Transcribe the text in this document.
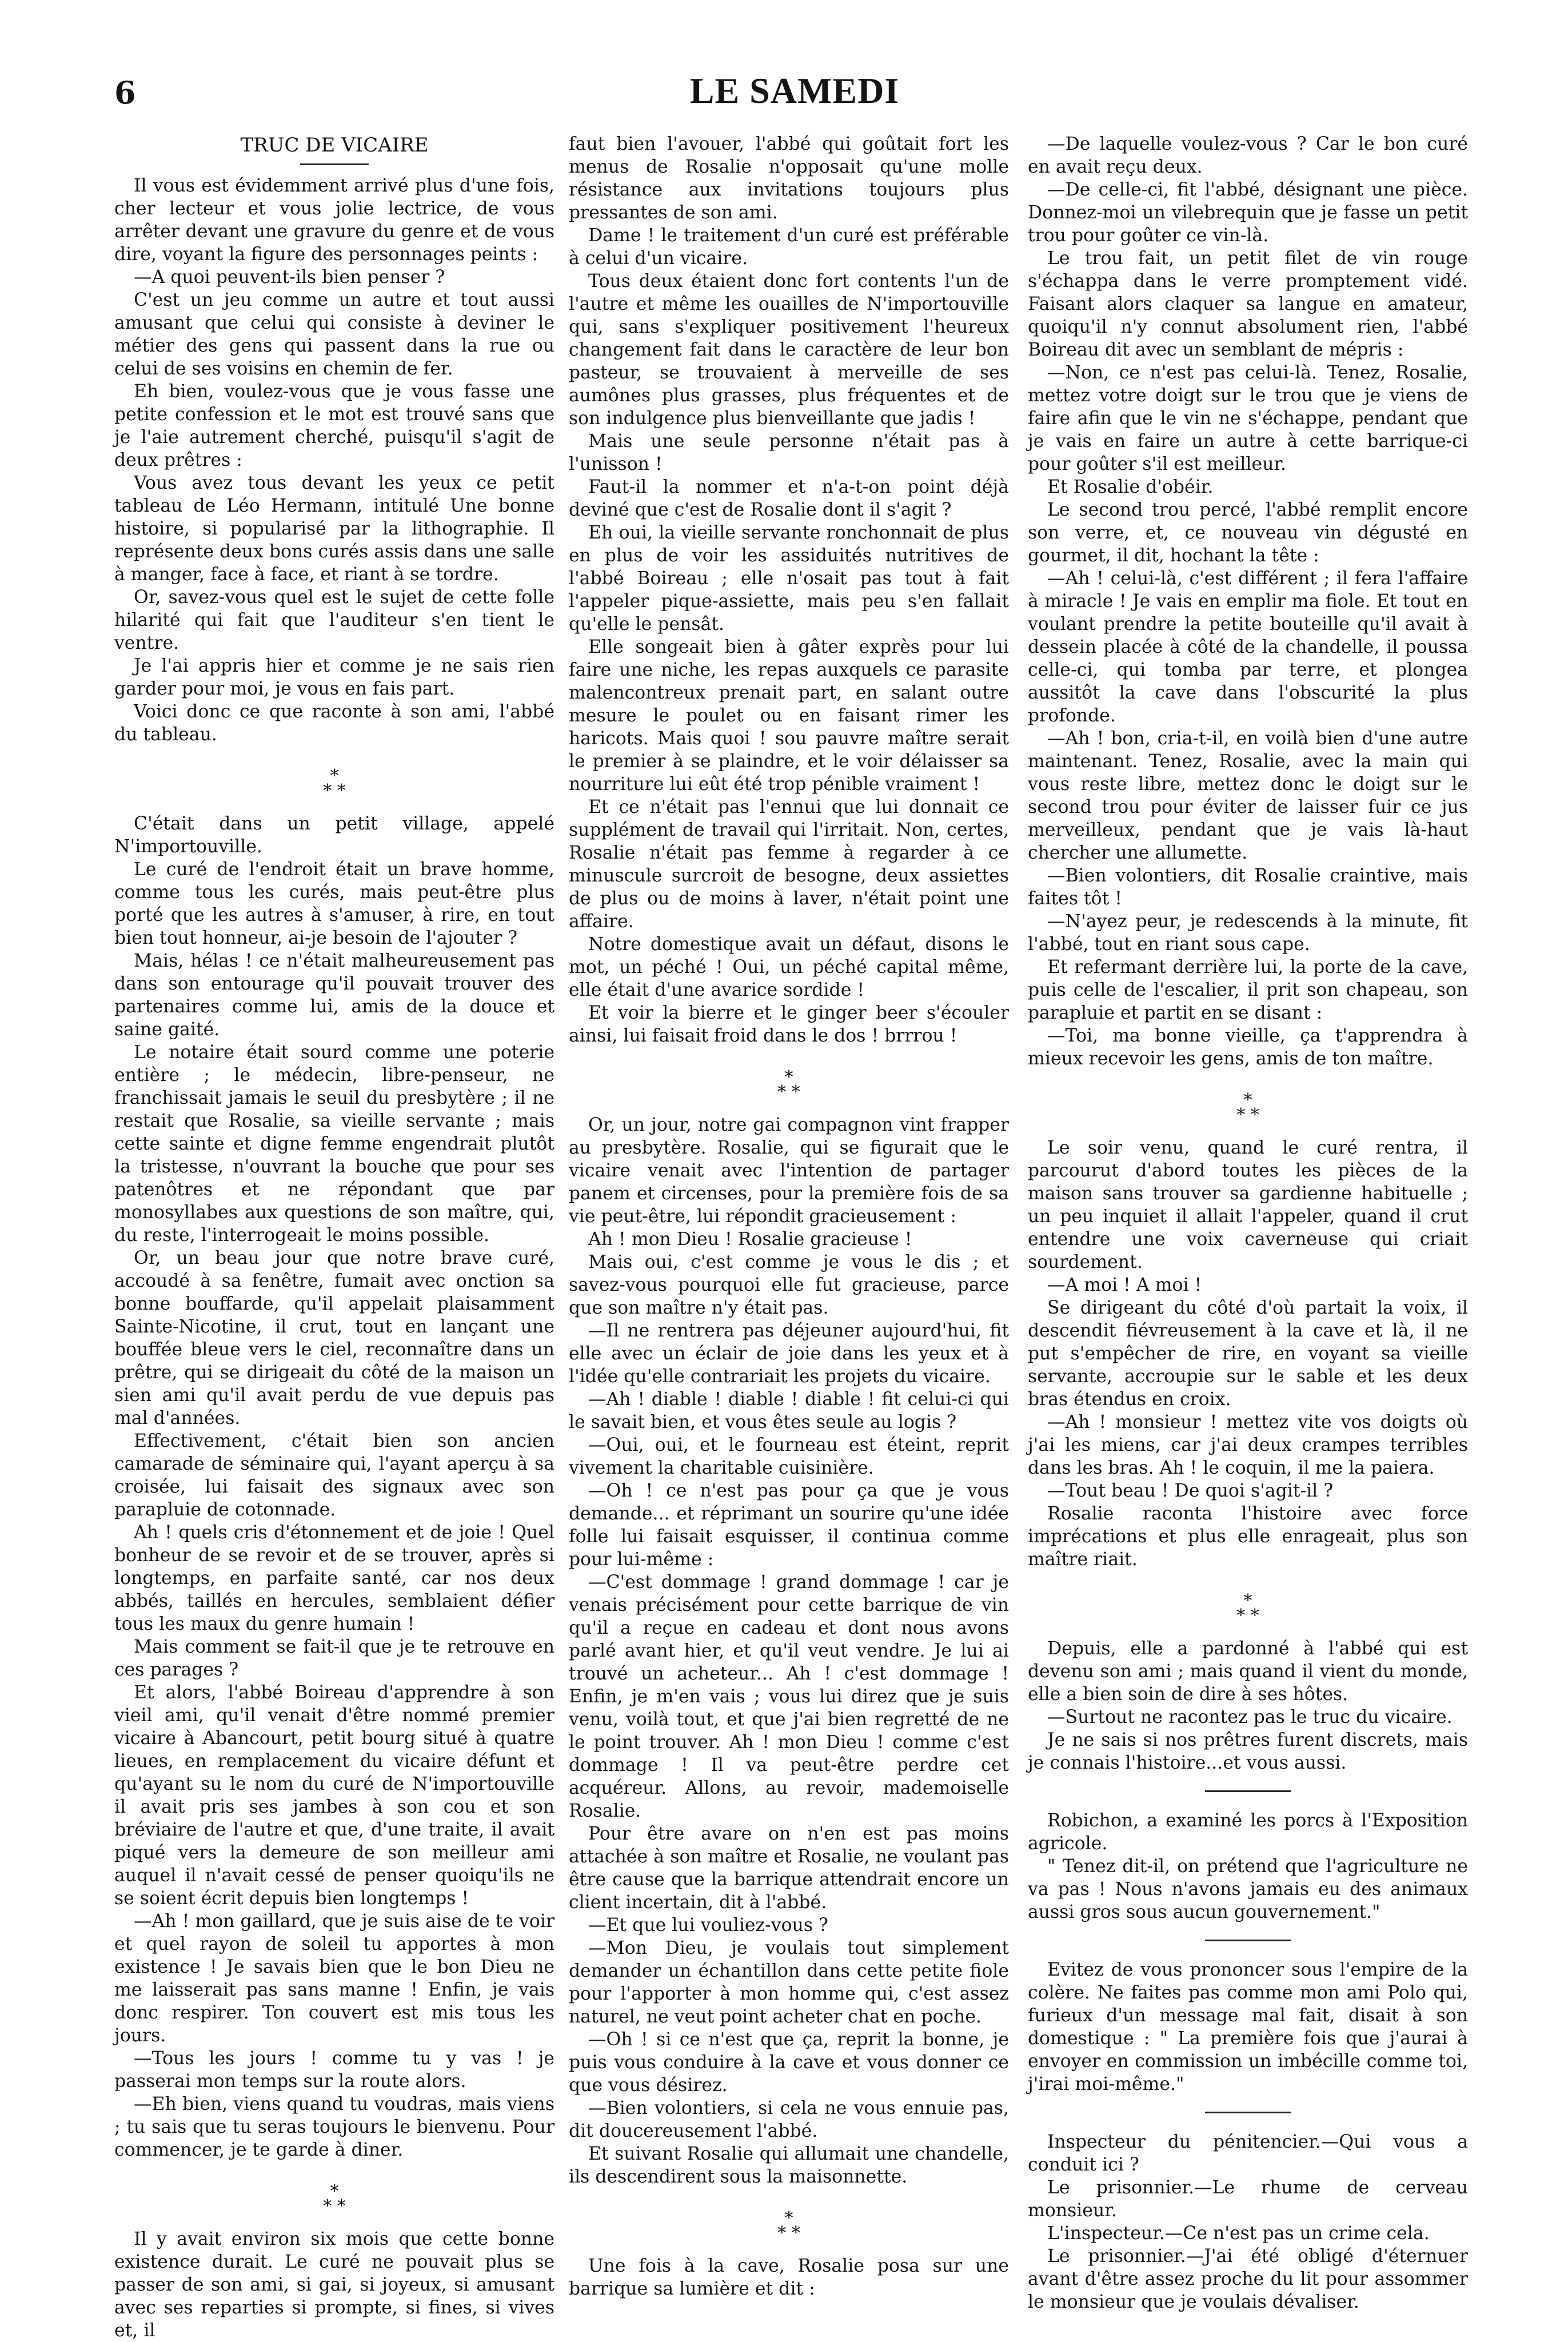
6	LE SAMEDI

TRUC DE VICAIRE

Il vous est évidemment arrivé plus d'une fois, cher lecteur et vous jolie lectrice, de vous arrêter devant une gravure du genre et de vous dire, voyant la figure des personnages peints :

—A quoi peuvent-ils bien penser ?

C'est un jeu comme un autre et tout aussi amusant que celui qui consiste à deviner le métier des gens qui passent dans la rue ou celui de ses voisins en chemin de fer.

Eh bien, voulez-vous que je vous fasse une petite confession et le mot est trouvé sans que je l'aie autrement cherché, puisqu'il s'agit de deux prêtres :

Vous avez tous devant les yeux ce petit tableau de Léo Hermann, intitulé Une bonne histoire, si popularisé par la lithographie. Il représente deux bons curés assis dans une salle à manger, face à face, et riant à se tordre.

Or, savez-vous quel est le sujet de cette folle hilarité qui fait que l'auditeur s'en tient le ventre.

Je l'ai appris hier et comme je ne sais rien garder pour moi, je vous en fais part.

Voici donc ce que raconte à son ami, l'abbé du tableau.

*
* *

C'était dans un petit village, appelé N'importouville.

Le curé de l'endroit était un brave homme, comme tous les curés, mais peut-être plus porté que les autres à s'amuser, à rire, en tout bien tout honneur, ai-je besoin de l'ajouter ?

Mais, hélas ! ce n'était malheureusement pas dans son entourage qu'il pouvait trouver des partenaires comme lui, amis de la douce et saine gaité.

Le notaire était sourd comme une poterie entière ; le médecin, libre-penseur, ne franchissait jamais le seuil du presbytère ; il ne restait que Rosalie, sa vieille servante ; mais cette sainte et digne femme engendrait plutôt la tristesse, n'ouvrant la bouche que pour ses patenôtres et ne répondant que par monosyllabes aux questions de son maître, qui, du reste, l'interrogeait le moins possible.

Or, un beau jour que notre brave curé, accoudé à sa fenêtre, fumait avec onction sa bonne bouffarde, qu'il appelait plaisamment Sainte-Nicotine, il crut, tout en lançant une bouffée bleue vers le ciel, reconnaître dans un prêtre, qui se dirigeait du côté de la maison un sien ami qu'il avait perdu de vue depuis pas mal d'années.

Effectivement, c'était bien son ancien camarade de séminaire qui, l'ayant aperçu à sa croisée, lui faisait des signaux avec son parapluie de cotonnade.

Ah ! quels cris d'étonnement et de joie ! Quel bonheur de se revoir et de se trouver, après si longtemps, en parfaite santé, car nos deux abbés, taillés en hercules, semblaient défier tous les maux du genre humain !

Mais comment se fait-il que je te retrouve en ces parages ?

Et alors, l'abbé Boireau d'apprendre à son vieil ami, qu'il venait d'être nommé premier vicaire à Abancourt, petit bourg situé à quatre lieues, en remplacement du vicaire défunt et qu'ayant su le nom du curé de N'importouville il avait pris ses jambes à son cou et son bréviaire de l'autre et que, d'une traite, il avait piqué vers la demeure de son meilleur ami auquel il n'avait cessé de penser quoiqu'ils ne se soient écrit depuis bien longtemps !

—Ah ! mon gaillard, que je suis aise de te voir et quel rayon de soleil tu apportes à mon existence ! Je savais bien que le bon Dieu ne me laisserait pas sans manne ! Enfin, je vais donc respirer. Ton couvert est mis tous les jours.

—Tous les jours ! comme tu y vas ! je passerai mon temps sur la route alors.

—Eh bien, viens quand tu voudras, mais viens ; tu sais que tu seras toujours le bienvenu. Pour commencer, je te garde à diner.

*
* *

Il y avait environ six mois que cette bonne existence durait. Le curé ne pouvait plus se passer de son ami, si gai, si joyeux, si amusant avec ses reparties si prompte, si fines, si vives et, il

faut bien l'avouer, l'abbé qui goûtait fort les menus de Rosalie n'opposait qu'une molle résistance aux invitations toujours plus pressantes de son ami.

Dame ! le traitement d'un curé est préférable à celui d'un vicaire.

Tous deux étaient donc fort contents l'un de l'autre et même les ouailles de N'importouville qui, sans s'expliquer positivement l'heureux changement fait dans le caractère de leur bon pasteur, se trouvaient à merveille de ses aumônes plus grasses, plus fréquentes et de son indulgence plus bienveillante que jadis !

Mais une seule personne n'était pas à l'unisson !

Faut-il la nommer et n'a-t-on point déjà deviné que c'est de Rosalie dont il s'agit ?

Eh oui, la vieille servante ronchonnait de plus en plus de voir les assiduités nutritives de l'abbé Boireau ; elle n'osait pas tout à fait l'appeler pique-assiette, mais peu s'en fallait qu'elle le pensât.

Elle songeait bien à gâter exprès pour lui faire une niche, les repas auxquels ce parasite malencontreux prenait part, en salant outre mesure le poulet ou en faisant rimer les haricots. Mais quoi ! sou pauvre maître serait le premier à se plaindre, et le voir délaisser sa nourriture lui eût été trop pénible vraiment !

Et ce n'était pas l'ennui que lui donnait ce supplément de travail qui l'irritait. Non, certes, Rosalie n'était pas femme à regarder à ce minuscule surcroit de besogne, deux assiettes de plus ou de moins à laver, n'était point une affaire.

Notre domestique avait un défaut, disons le mot, un péché ! Oui, un péché capital même, elle était d'une avarice sordide !

Et voir la bierre et le ginger beer s'écouler ainsi, lui faisait froid dans le dos ! brrrou !

*
* *

Or, un jour, notre gai compagnon vint frapper au presbytère. Rosalie, qui se figurait que le vicaire venait avec l'intention de partager panem et circenses, pour la première fois de sa vie peut-être, lui répondit gracieusement :

Ah ! mon Dieu ! Rosalie gracieuse !

Mais oui, c'est comme je vous le dis ; et savez-vous pourquoi elle fut gracieuse, parce que son maître n'y était pas.

—Il ne rentrera pas déjeuner aujourd'hui, fit elle avec un éclair de joie dans les yeux et à l'idée qu'elle contrariait les projets du vicaire.

—Ah ! diable ! diable ! diable ! fit celui-ci qui le savait bien, et vous êtes seule au logis ?

—Oui, oui, et le fourneau est éteint, reprit vivement la charitable cuisinière.

—Oh ! ce n'est pas pour ça que je vous demande... et réprimant un sourire qu'une idée folle lui faisait esquisser, il continua comme pour lui-même :

—C'est dommage ! grand dommage ! car je venais précisément pour cette barrique de vin qu'il a reçue en cadeau et dont nous avons parlé avant hier, et qu'il veut vendre. Je lui ai trouvé un acheteur... Ah ! c'est dommage ! Enfin, je m'en vais ; vous lui direz que je suis venu, voilà tout, et que j'ai bien regretté de ne le point trouver. Ah ! mon Dieu ! comme c'est dommage ! Il va peut-être perdre cet acquéreur. Allons, au revoir, mademoiselle Rosalie.

Pour être avare on n'en est pas moins attachée à son maître et Rosalie, ne voulant pas être cause que la barrique attendrait encore un client incertain, dit à l'abbé.

—Et que lui vouliez-vous ?

—Mon Dieu, je voulais tout simplement demander un échantillon dans cette petite fiole pour l'apporter à mon homme qui, c'est assez naturel, ne veut point acheter chat en poche.

—Oh ! si ce n'est que ça, reprit la bonne, je puis vous conduire à la cave et vous donner ce que vous désirez.

—Bien volontiers, si cela ne vous ennuie pas, dit doucereusement l'abbé.

Et suivant Rosalie qui allumait une chandelle, ils descendirent sous la maisonnette.

*
* *

Une fois à la cave, Rosalie posa sur une barrique sa lumière et dit :

—De laquelle voulez-vous ? Car le bon curé en avait reçu deux.

—De celle-ci, fit l'abbé, désignant une pièce. Donnez-moi un vilebrequin que je fasse un petit trou pour goûter ce vin-là.

Le trou fait, un petit filet de vin rouge s'échappa dans le verre promptement vidé. Faisant alors claquer sa langue en amateur, quoiqu'il n'y connut absolument rien, l'abbé Boireau dit avec un semblant de mépris :

—Non, ce n'est pas celui-là. Tenez, Rosalie, mettez votre doigt sur le trou que je viens de faire afin que le vin ne s'échappe, pendant que je vais en faire un autre à cette barrique-ci pour goûter s'il est meilleur.

Et Rosalie d'obéir.

Le second trou percé, l'abbé remplit encore son verre, et, ce nouveau vin dégusté en gourmet, il dit, hochant la tête :

—Ah ! celui-là, c'est différent ; il fera l'affaire à miracle ! Je vais en emplir ma fiole. Et tout en voulant prendre la petite bouteille qu'il avait à dessein placée à côté de la chandelle, il poussa celle-ci, qui tomba par terre, et plongea aussitôt la cave dans l'obscurité la plus profonde.

—Ah ! bon, cria-t-il, en voilà bien d'une autre maintenant. Tenez, Rosalie, avec la main qui vous reste libre, mettez donc le doigt sur le second trou pour éviter de laisser fuir ce jus merveilleux, pendant que je vais là-haut chercher une allumette.

—Bien volontiers, dit Rosalie craintive, mais faites tôt !

—N'ayez peur, je redescends à la minute, fit l'abbé, tout en riant sous cape.

Et refermant derrière lui, la porte de la cave, puis celle de l'escalier, il prit son chapeau, son parapluie et partit en se disant :

—Toi, ma bonne vieille, ça t'apprendra à mieux recevoir les gens, amis de ton maître.

*
* *

Le soir venu, quand le curé rentra, il parcourut d'abord toutes les pièces de la maison sans trouver sa gardienne habituelle ; un peu inquiet il allait l'appeler, quand il crut entendre une voix caverneuse qui criait sourdement.

—A moi ! A moi !

Se dirigeant du côté d'où partait la voix, il descendit fiévreusement à la cave et là, il ne put s'empêcher de rire, en voyant sa vieille servante, accroupie sur le sable et les deux bras étendus en croix.

—Ah ! monsieur ! mettez vite vos doigts où j'ai les miens, car j'ai deux crampes terribles dans les bras. Ah ! le coquin, il me la paiera.

—Tout beau ! De quoi s'agit-il ?

Rosalie raconta l'histoire avec force imprécations et plus elle enrageait, plus son maître riait.

*
* *

Depuis, elle a pardonné à l'abbé qui est devenu son ami ; mais quand il vient du monde, elle a bien soin de dire à ses hôtes.

—Surtout ne racontez pas le truc du vicaire.

Je ne sais si nos prêtres furent discrets, mais je connais l'histoire...et vous aussi.

Robichon, a examiné les porcs à l'Exposition agricole.

" Tenez dit-il, on prétend que l'agriculture ne va pas ! Nous n'avons jamais eu des animaux aussi gros sous aucun gouvernement."

Evitez de vous prononcer sous l'empire de la colère. Ne faites pas comme mon ami Polo qui, furieux d'un message mal fait, disait à son domestique : " La première fois que j'aurai à envoyer en commission un imbécille comme toi, j'irai moi-même."

Inspecteur du pénitencier.—Qui vous a conduit ici ?

Le prisonnier.—Le rhume de cerveau monsieur.

L'inspecteur.—Ce n'est pas un crime cela.

Le prisonnier.—J'ai été obligé d'éternuer avant d'être assez proche du lit pour assommer le monsieur que je voulais dévaliser.
